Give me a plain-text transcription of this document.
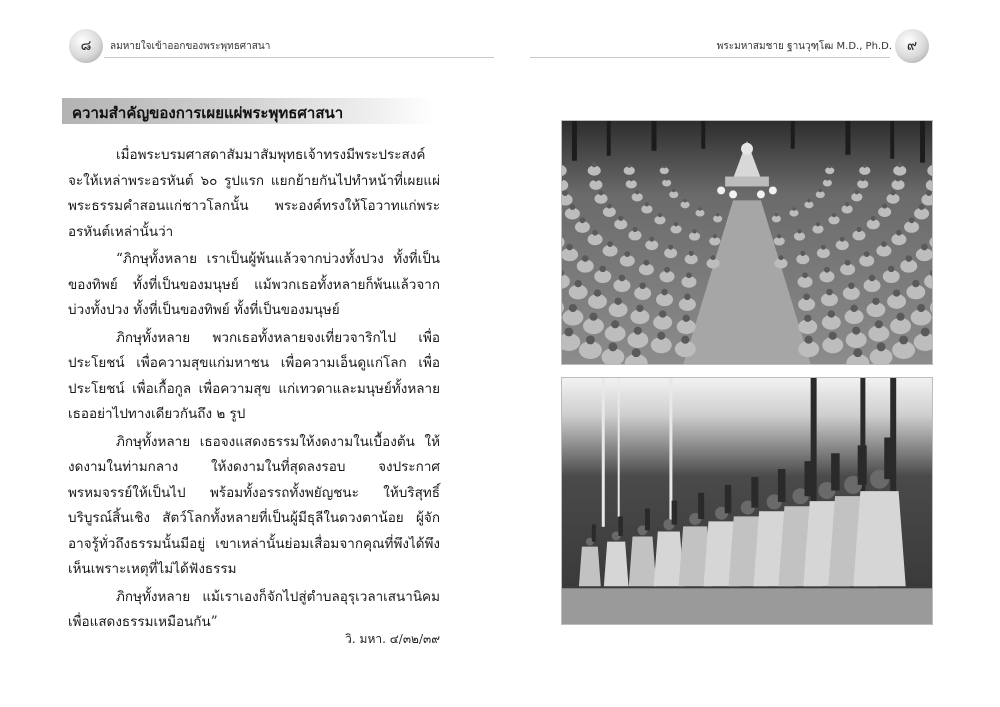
๘	ลมหายใจเข้าออกของพระพุทธศาสนา	พระมหาสมชาย ฐานวุฑฺโฒ M.D., Ph.D.	๙
ความสำคัญของการเผยแผ่พระพุทธศาสนา

เมื่อพระบรมศาสดาสัมมาสัมพุทธเจ้าทรงมีพระประสงค์จะให้เหล่าพระอรหันต์ ๖๐ รูปแรก แยกย้ายกันไปทำหน้าที่เผยแผ่พระธรรมคำสอนแก่ชาวโลกนั้น พระองค์ทรงให้โอวาทแก่พระอรหันต์เหล่านั้นว่า

“ภิกษุทั้งหลาย เราเป็นผู้พ้นแล้วจากบ่วงทั้งปวง ทั้งที่เป็นของทิพย์ ทั้งที่เป็นของมนุษย์ แม้พวกเธอทั้งหลายก็พ้นแล้วจากบ่วงทั้งปวง ทั้งที่เป็นของทิพย์ ทั้งที่เป็นของมนุษย์

ภิกษุทั้งหลาย พวกเธอทั้งหลายจงเที่ยวจาริกไป เพื่อประโยชน์ เพื่อความสุขแก่มหาชน เพื่อความเอ็นดูแก่โลก เพื่อประโยชน์ เพื่อเกื้อกูล เพื่อความสุข แก่เทวดาและมนุษย์ทั้งหลาย เธออย่าไปทางเดียวกันถึง ๒ รูป

ภิกษุทั้งหลาย เธอจงแสดงธรรมให้งดงามในเบื้องต้น ให้งดงามในท่ามกลาง ให้งดงามในที่สุดลงรอบ จงประกาศพรหมจรรย์ให้เป็นไป พร้อมทั้งอรรถทั้งพยัญชนะ ให้บริสุทธิ์บริบูรณ์สิ้นเชิง สัตว์โลกทั้งหลายที่เป็นผู้มีธุลีในดวงตาน้อย ผู้จักอาจรู้ทั่วถึงธรรมนั้นมีอยู่ เขาเหล่านั้นย่อมเสื่อมจากคุณที่พึงได้พึงเห็นเพราะเหตุที่ไม่ได้ฟังธรรม

ภิกษุทั้งหลาย แม้เราเองก็จักไปสู่ตำบลอุรุเวลาเสนานิคม เพื่อแสดงธรรมเหมือนกัน”

วิ. มหา. ๔/๓๒/๓๙
